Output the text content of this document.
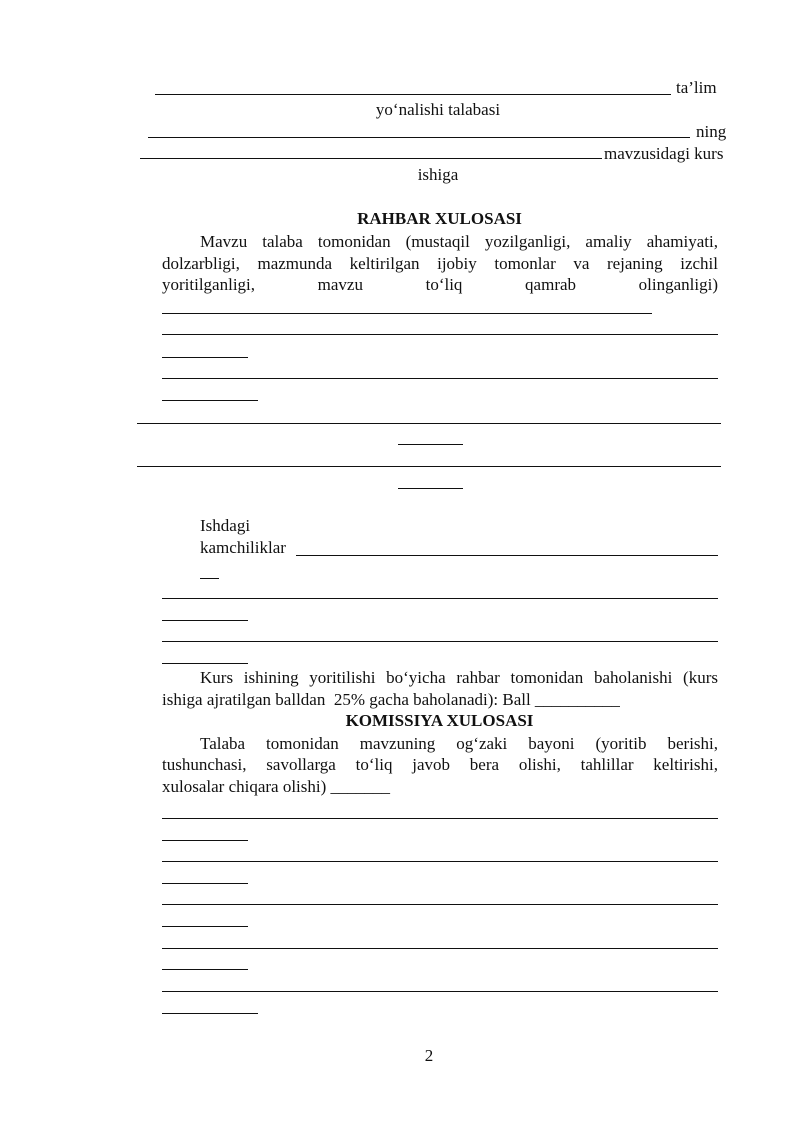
ta’lim
yo‘nalishi talabasi
ning
mavzusidagi kurs
ishiga
RAHBAR XULOSASI
Mavzu talaba tomonidan (mustaqil yozilganligi, amaliy ahamiyati,
dolzarbligi, mazmunda keltirilgan ijobiy tomonlar va rejaning izchil
yoritilganligi, mavzu to‘liq qamrab olinganligi)
Ishdagi
kamchiliklar
Kurs ishining yoritilishi bo‘yicha rahbar tomonidan baholanishi (kurs
ishiga ajratilgan balldan  25% gacha baholanadi): Ball __________
KOMISSIYA XULOSASI
Talaba tomonidan mavzuning og‘zaki bayoni (yoritib berishi,
tushunchasi, savollarga to‘liq javob bera olishi, tahlillar keltirishi,
xulosalar chiqara olishi) _______
2
